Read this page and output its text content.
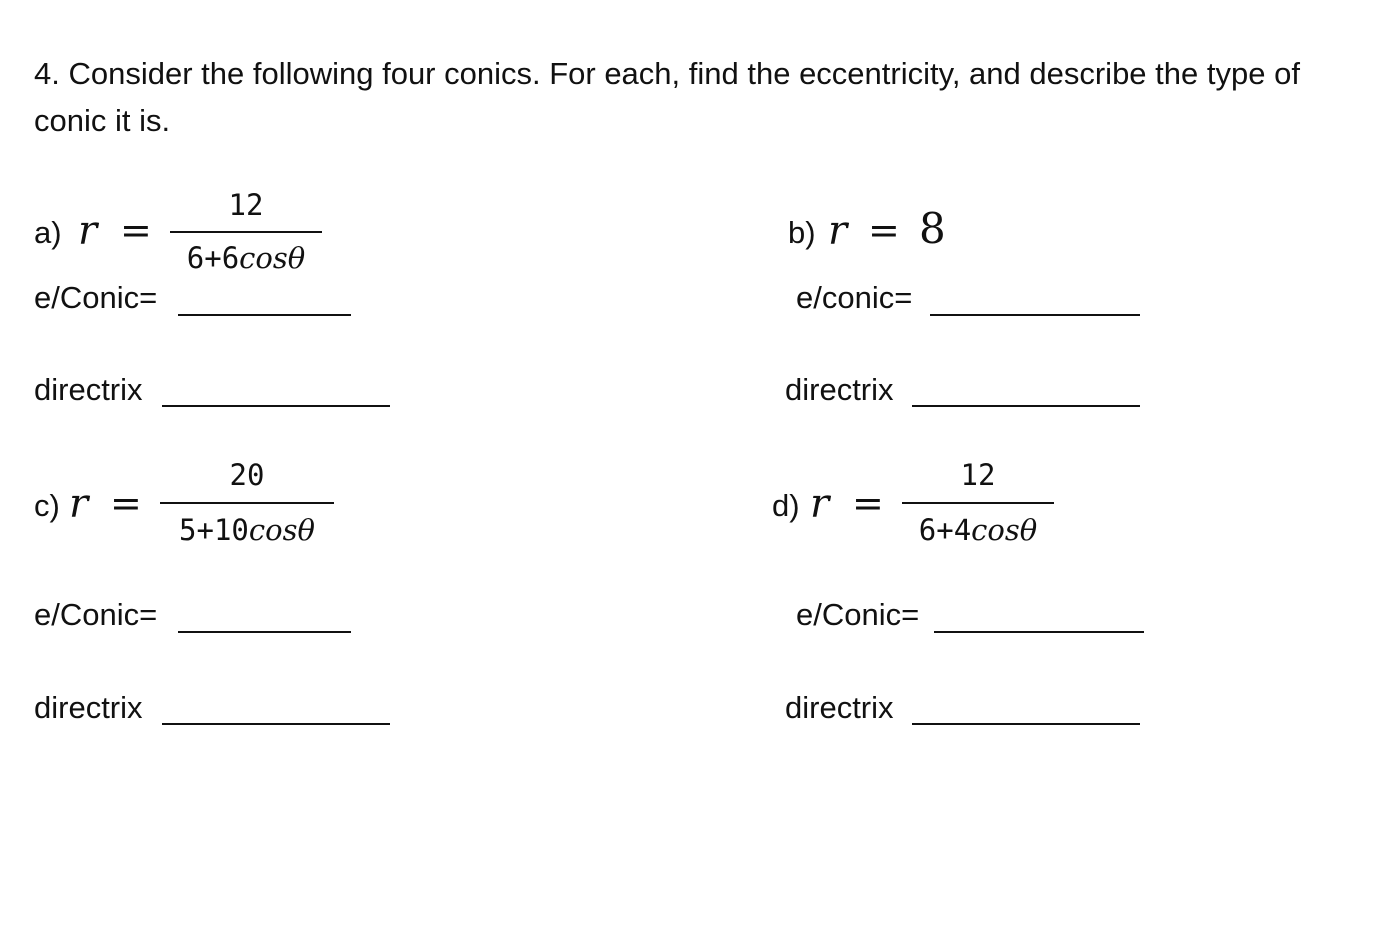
4. Consider the following four conics. For each, find the eccentricity, and describe the type of conic it is.

a) r =
12
6+6cosθ
e/Conic=
directrix
b) r = 8
e/conic=
directrix
c) r =
20
5+10cosθ
e/Conic=
directrix
d) r =
12
6+4cosθ
e/Conic=
directrix
